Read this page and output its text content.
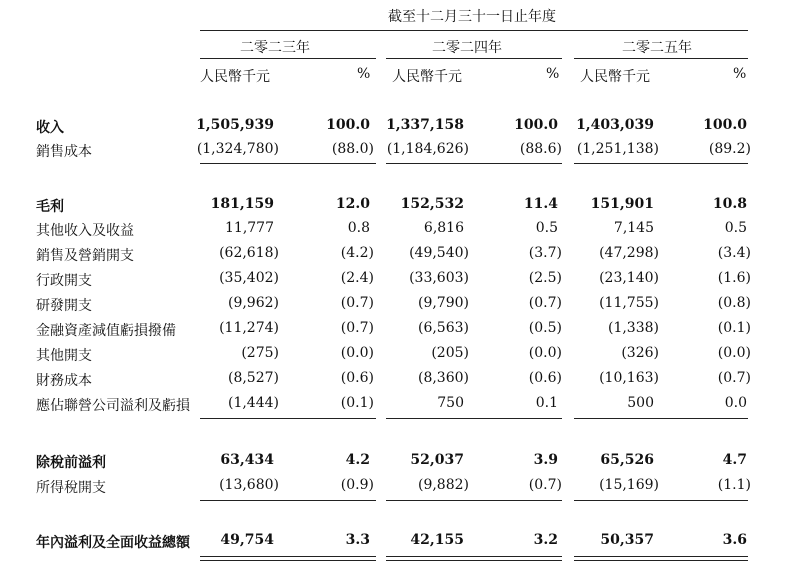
截至十二月三十一日止年度
二零二三年	二零二四年	二零二五年
人民幣千元	% 人民幣千元	% 人民幣千元	%
收入	1,505,939	100.0 1,337,158	100.0 1,403,039	100.0
銷售成本	(1,324,780)	(88.0) (1,184,626)	(88.6) (1,251,138)	(89.2)
毛利	181,159	12.0 152,532	11.4 151,901	10.8
其他收入及收益	11,777	0.8	6,816	0.5	7,145	0.5
銷售及營銷開支	(62,618)	(4.2)	(49,540)	(3.7)	(47,298)	(3.4)
行政開支	(35,402)	(2.4)	(33,603)	(2.5)	(23,140)	(1.6)
研發開支	(9,962)	(0.7)	(9,790)	(0.7)	(11,755)	(0.8)
金融資產減值虧損撥備	(11,274)	(0.7)	(6,563)	(0.5)	(1,338)	(0.1)
其他開支	(275)	(0.0)	(205)	(0.0)	(326)	(0.0)
財務成本	(8,527)	(0.6)	(8,360)	(0.6)	(10,163)	(0.7)
應佔聯營公司溢利及虧損	(1,444)	(0.1)	750	0.1	500	0.0
除稅前溢利	63,434	4.2	52,037	3.9	65,526	4.7
所得稅開支	(13,680)	(0.9)	(9,882)	(0.7)	(15,169)	(1.1)
年內溢利及全面收益總額 49,754	3.3	42,155	3.2	50,357	3.6
